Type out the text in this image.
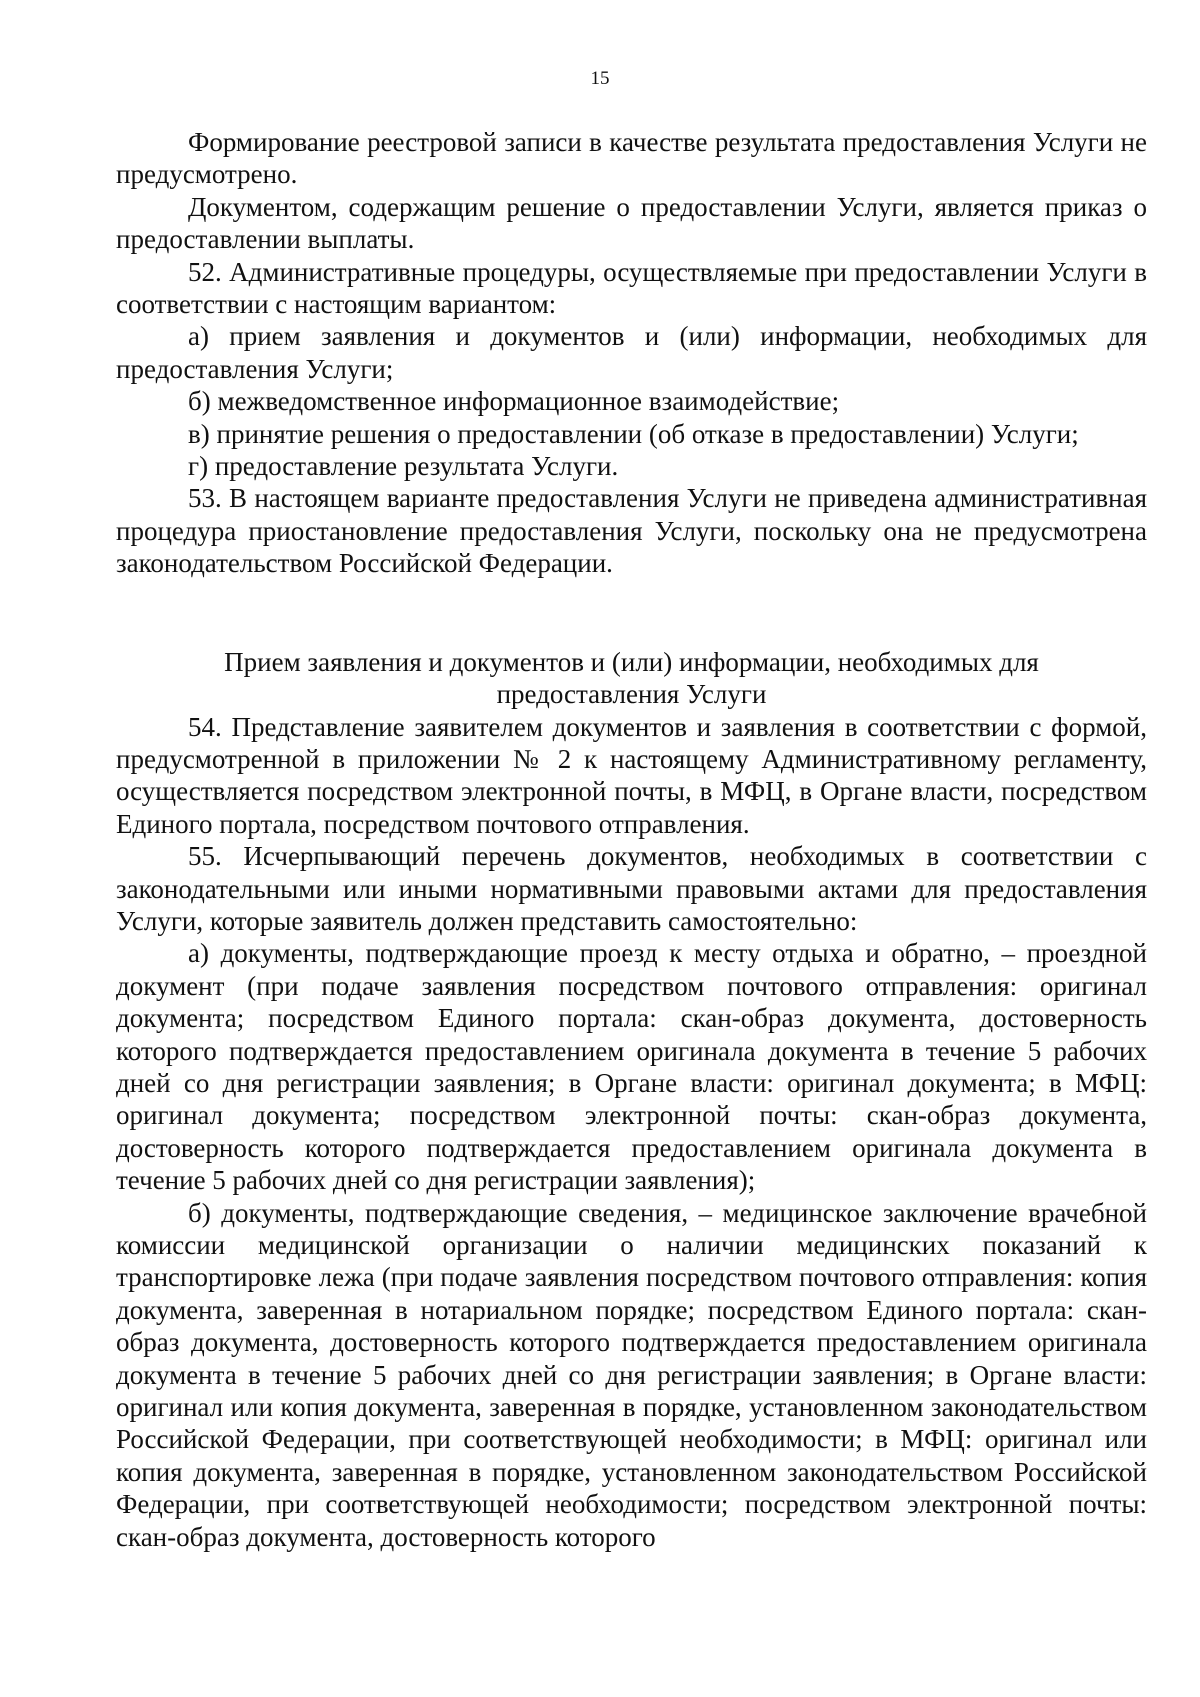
15

Формирование реестровой записи в качестве результата предоставления Услуги не предусмотрено.

Документом, содержащим решение о предоставлении Услуги, является приказ о предоставлении выплаты.

52. Административные процедуры, осуществляемые при предоставлении Услуги в соответствии с настоящим вариантом:

а) прием заявления и документов и (или) информации, необходимых для предоставления Услуги;

б) межведомственное информационное взаимодействие;

в) принятие решения о предоставлении (об отказе в предоставлении) Услуги;

г) предоставление результата Услуги.

53. В настоящем варианте предоставления Услуги не приведена административная процедура приостановление предоставления Услуги, поскольку она не предусмотрена законодательством Российской Федерации.

Прием заявления и документов и (или) информации, необходимых для
предоставления Услуги

54. Представление заявителем документов и заявления в соответствии с формой, предусмотренной в приложении № 2 к настоящему Административному регламенту, осуществляется посредством электронной почты, в МФЦ, в Органе власти, посредством Единого портала, посредством почтового отправления.

55. Исчерпывающий перечень документов, необходимых в соответствии с законодательными или иными нормативными правовыми актами для предоставления Услуги, которые заявитель должен представить самостоятельно:

а) документы, подтверждающие проезд к месту отдыха и обратно, – проездной документ (при подаче заявления посредством почтового отправления: оригинал документа; посредством Единого портала: скан-образ документа, достоверность которого подтверждается предоставлением оригинала документа в течение 5 рабочих дней со дня регистрации заявления; в Органе власти: оригинал документа; в МФЦ: оригинал документа; посредством электронной почты: скан-образ документа, достоверность которого подтверждается предоставлением оригинала документа в течение 5 рабочих дней со дня регистрации заявления);

б) документы, подтверждающие сведения, – медицинское заключение врачебной комиссии медицинской организации о наличии медицинских показаний к транспортировке лежа (при подаче заявления посредством почтового отправления: копия документа, заверенная в нотариальном порядке; посредством Единого портала: скан-образ документа, достоверность которого подтверждается предоставлением оригинала документа в течение 5 рабочих дней со дня регистрации заявления; в Органе власти: оригинал или копия документа, заверенная в порядке, установленном законодательством Российской Федерации, при соответствующей необходимости; в МФЦ: оригинал или копия документа, заверенная в порядке, установленном законодательством Российской Федерации, при соответствующей необходимости; посредством электронной почты: скан-образ документа, достоверность которого
